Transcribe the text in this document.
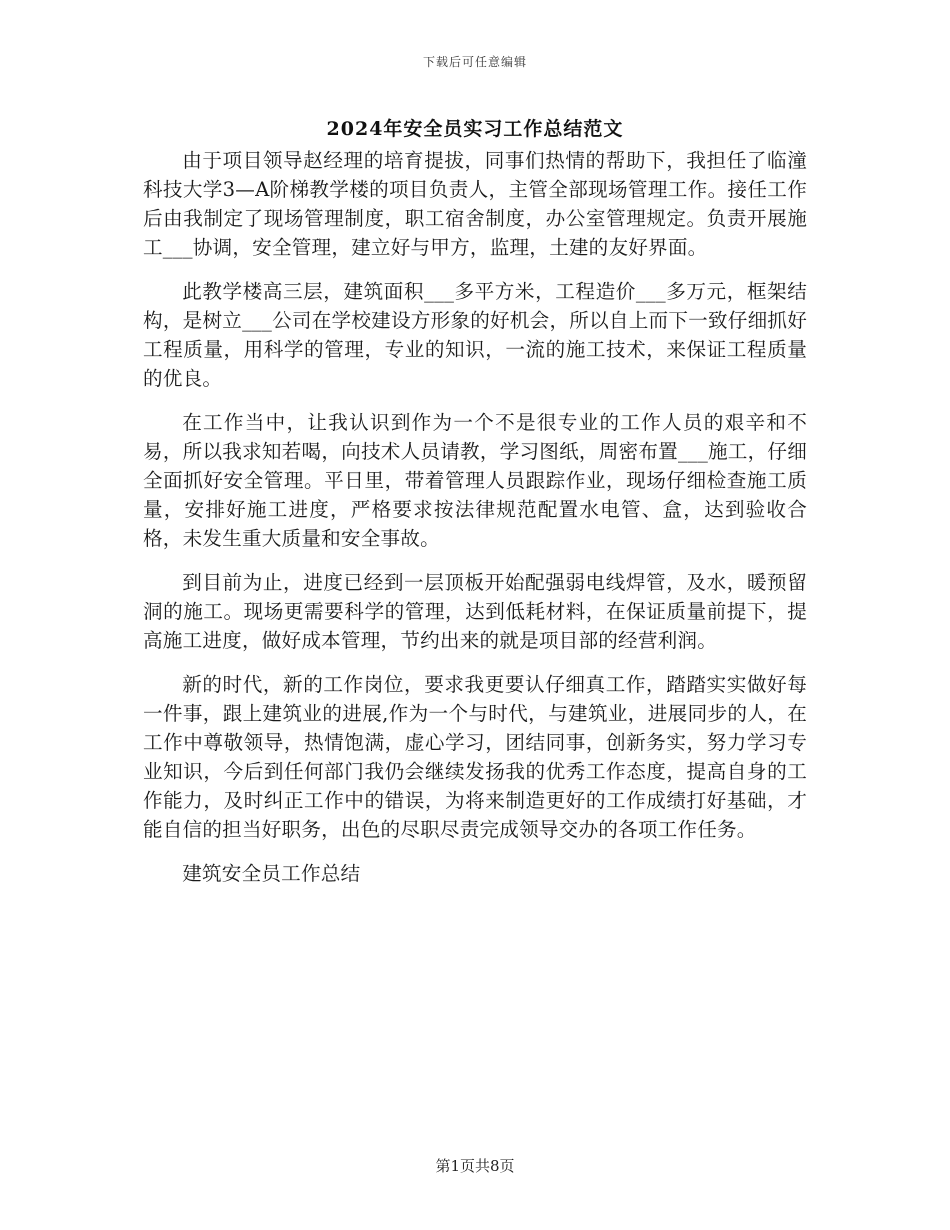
下载后可任意编辑
2024年安全员实习工作总结范文

由于项目领导赵经理的培育提拔，同事们热情的帮助下，我担任了临潼科技大学3—A阶梯教学楼的项目负责人，主管全部现场管理工作。接任工作后由我制定了现场管理制度，职工宿舍制度，办公室管理规定。负责开展施工___协调，安全管理，建立好与甲方，监理，土建的友好界面。

此教学楼高三层，建筑面积___多平方米，工程造价___多万元，框架结构，是树立___公司在学校建设方形象的好机会，所以自上而下一致仔细抓好工程质量，用科学的管理，专业的知识，一流的施工技术，来保证工程质量的优良。

在工作当中，让我认识到作为一个不是很专业的工作人员的艰辛和不易，所以我求知若喝，向技术人员请教，学习图纸，周密布置___施工，仔细全面抓好安全管理。平日里，带着管理人员跟踪作业，现场仔细检查施工质量，安排好施工进度，严格要求按法律规范配置水电管、盒，达到验收合格，未发生重大质量和安全事故。

到目前为止，进度已经到一层顶板开始配强弱电线焊管，及水，暖预留洞的施工。现场更需要科学的管理，达到低耗材料，在保证质量前提下，提高施工进度，做好成本管理，节约出来的就是项目部的经营利润。

新的时代，新的工作岗位，要求我更要认仔细真工作，踏踏实实做好每一件事，跟上建筑业的进展,作为一个与时代，与建筑业，进展同步的人，在工作中尊敬领导，热情饱满，虚心学习，团结同事，创新务实，努力学习专业知识，今后到任何部门我仍会继续发扬我的优秀工作态度，提高自身的工作能力，及时纠正工作中的错误，为将来制造更好的工作成绩打好基础，才能自信的担当好职务，出色的尽职尽责完成领导交办的各项工作任务。

建筑安全员工作总结

第1页共8页
